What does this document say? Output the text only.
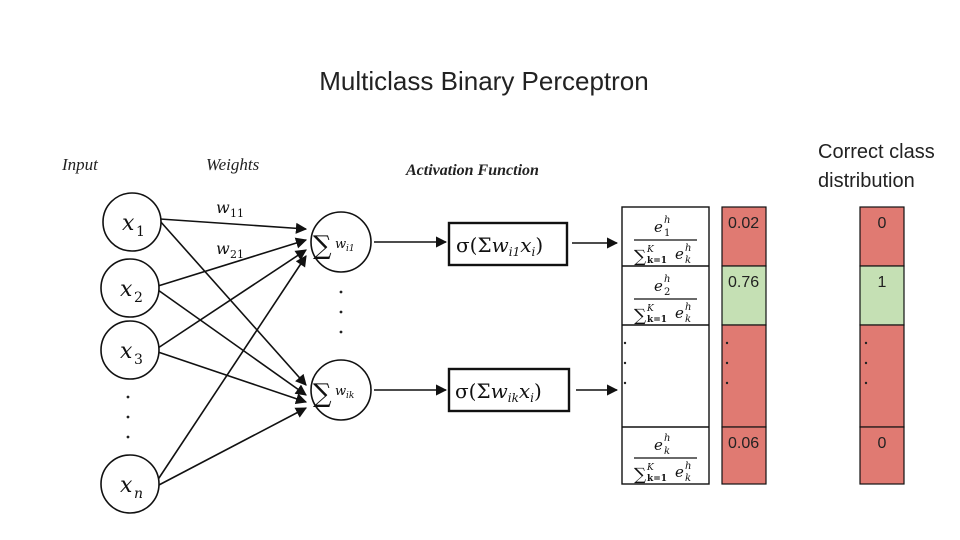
Multiclass Binary Perceptron
Input	Weights	Activation Function
Correct class
distribution
x 1
x 2
x 3
x n
w 11
w 21	∑ w i1
∑ w ik
$\sigma(\Sigma w_{i1}x_i)$
$\sigma(\Sigma w_{ik}x_i)$
e 1
h
∑ K
k=1 e k
h
e 2
h
∑ K
k=1 e k
h
e k
h
∑ K
k=1 e k
h
0.02
0.76
0.06
0
1
0
